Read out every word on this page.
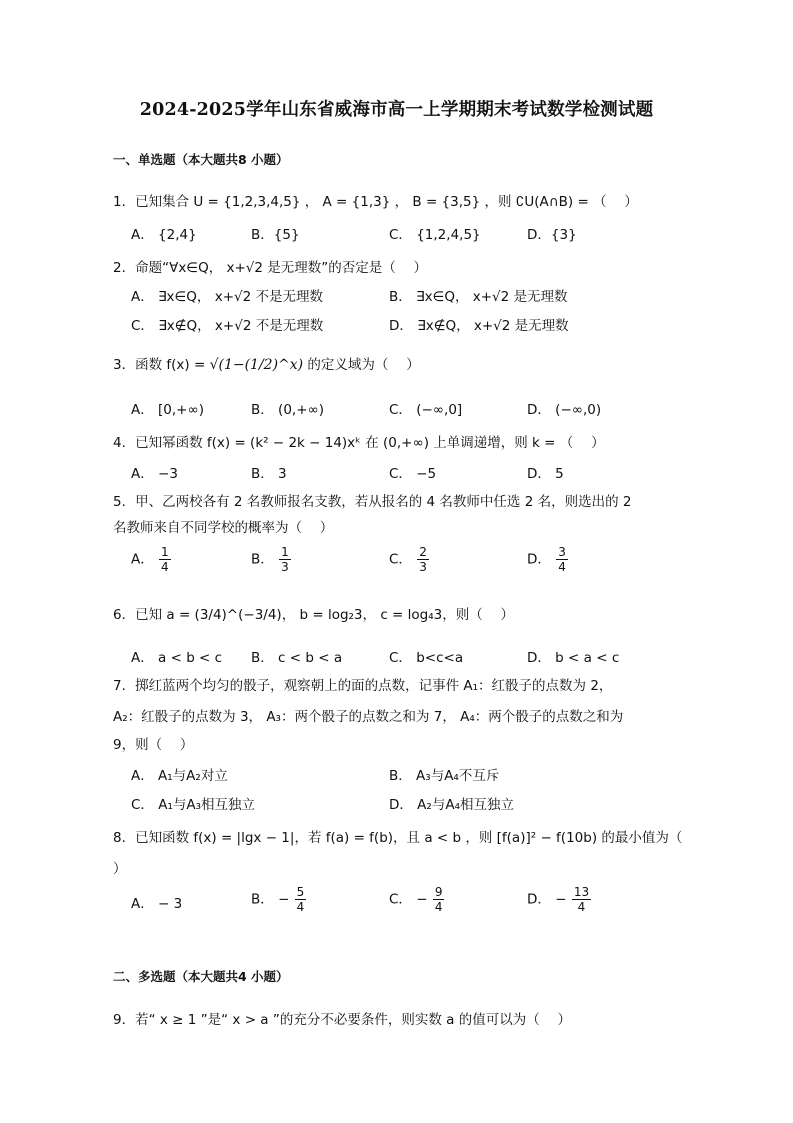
2024-2025学年山东省威海市高一上学期期末考试数学检测试题
一、单选题（本大题共8 小题）
1．已知集合 U = {1,2,3,4,5} ， A = {1,3} ， B = {3,5} ，则 ∁U(A∩B) = （　 ）
A． {2,4}	B．{5}	C． {1,2,4,5}	D．{3}
2．命题“∀x∈Q， x+√2 是无理数”的否定是（　 ）
A． ∃x∈Q， x+√2 不是无理数	B． ∃x∈Q， x+√2 是无理数
C． ∃x∉Q， x+√2 不是无理数	D． ∃x∉Q， x+√2 是无理数
3．函数 f(x) = √(1−(1/2)^x) 的定义域为（　 ）
A． [0,+∞)	B． (0,+∞)	C． (−∞,0]	D． (−∞,0)
4．已知幂函数 f(x) = (k² − 2k − 14)xᵏ 在 (0,+∞) 上单调递增，则 k = （　 ）
A． −3	B． 3	C． −5	D． 5
5．甲、乙两校各有 2 名教师报名支教，若从报名的 4 名教师中任选 2 名，则选出的 2
名教师来自不同学校的概率为（　 ）
A． $\frac{1}{4}$	B． $\frac{1}{3}$	C． $\frac{2}{3}$	D． $\frac{3}{4}$
6．已知 a = (3/4)^(−3/4)， b = log₂3， c = log₄3，则（　 ）
A． a < b < c B． c < b < a	C． b<c<a	D． b < a < c
7．掷红蓝两个均匀的骰子，观察朝上的面的点数，记事件 A₁：红骰子的点数为 2，
A₂：红骰子的点数为 3， A₃：两个骰子的点数之和为 7， A₄：两个骰子的点数之和为
9，则（　 ）
A． A₁与A₂对立	B． A₃与A₄不互斥
C． A₁与A₃相互独立	D． A₂与A₄相互独立
8．已知函数 f(x) = |lgx − 1|，若 f(a) = f(b)，且 a < b ，则 [f(a)]² − f(10b) 的最小值为（
）
A． − 3	B． − $\frac{5}{4}$	C． − $\frac{9}{4}$	D． − $\frac{13}{4}$
二、多选题（本大题共4 小题）
9．若“ x ≥ 1 ”是“ x > a ”的充分不必要条件，则实数 a 的值可以为（　 ）
